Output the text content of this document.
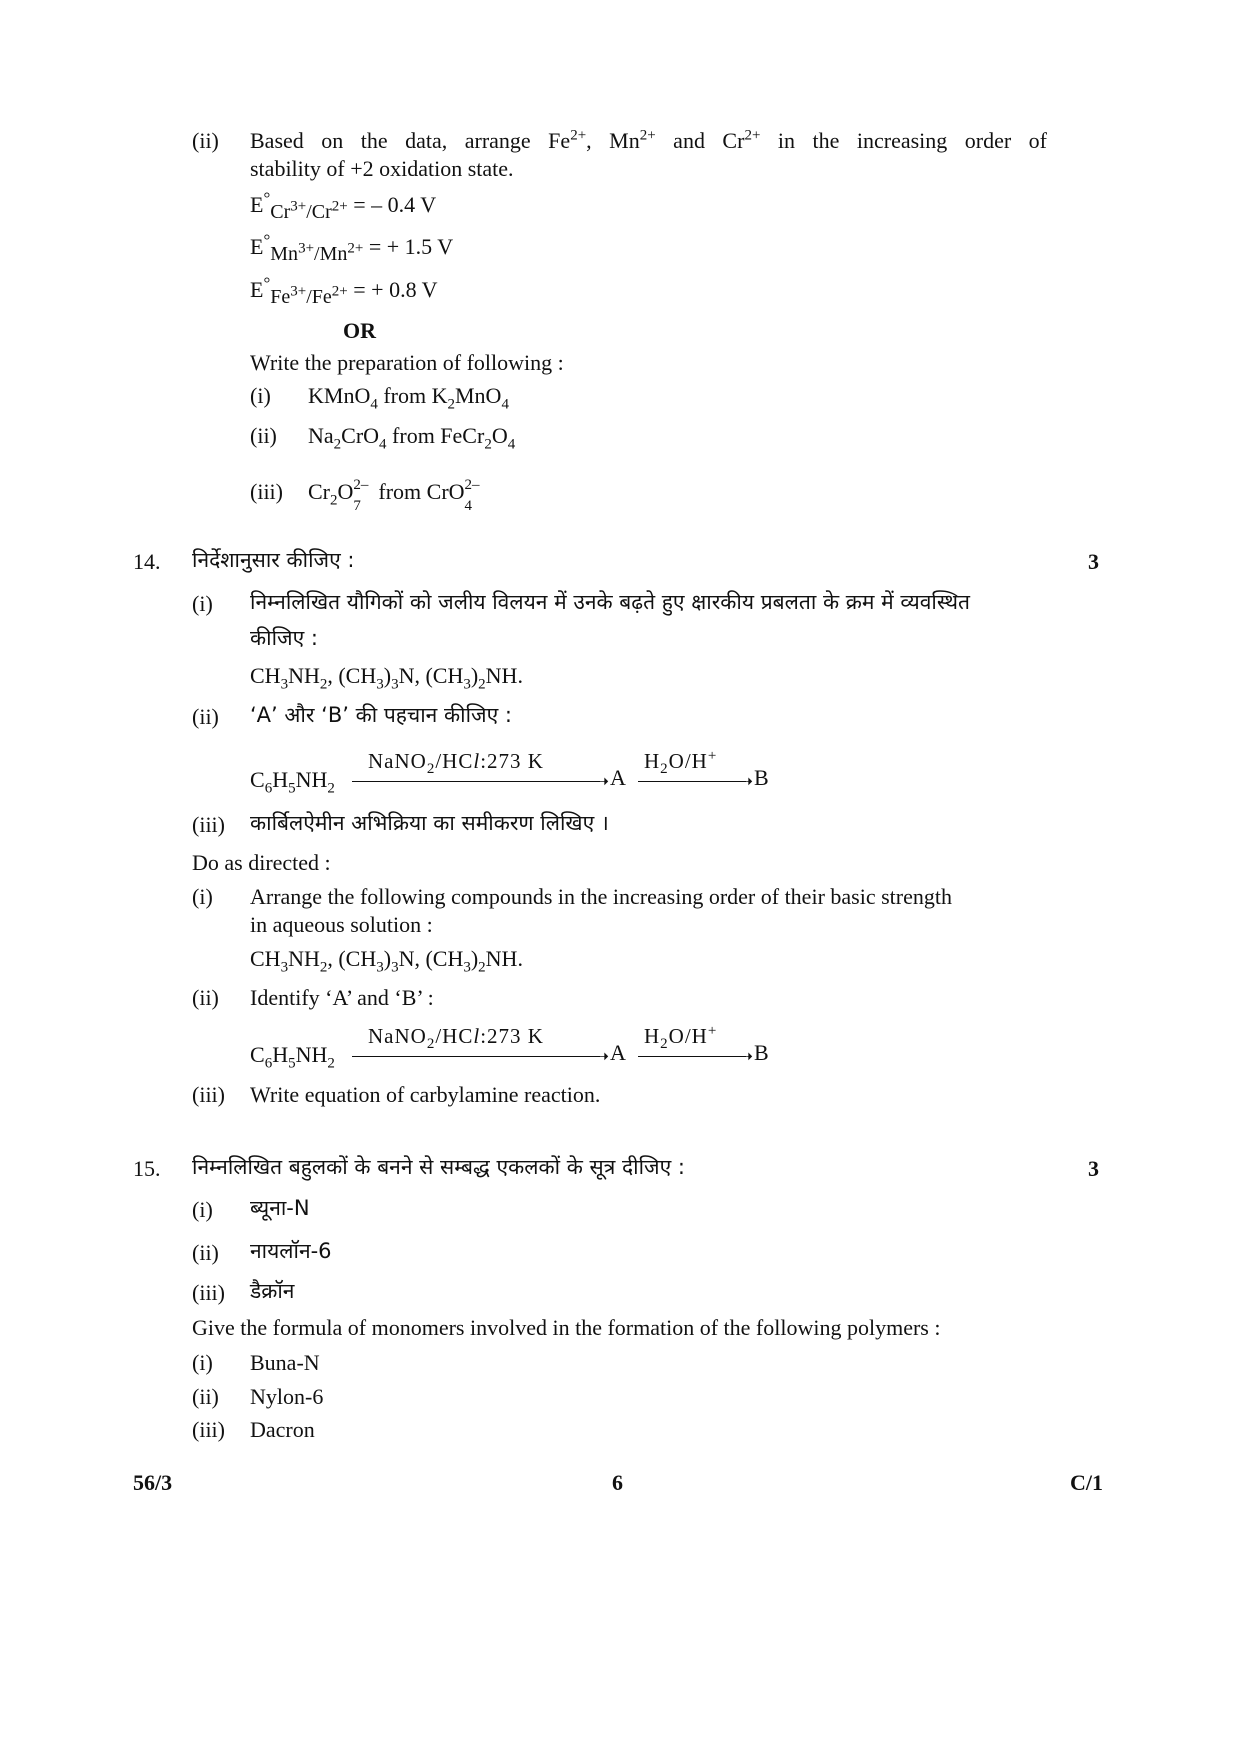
(ii) Based on the data, arrange $Fe^{2+}$, $Mn^{2+}$ and $Cr^{2+}$ in the increasing order of
stability of +2 oxidation state.
$E^\circ_{Cr^{3+}/Cr^{2+}}$ = – 0.4 V
$E^\circ_{Mn^{3+}/Mn^{2+}}$ = + 1.5 V
$E^\circ_{Fe^{3+}/Fe^{2+}}$ = + 0.8 V
OR
Write the preparation of following :
(i) KMnO$_4$ from $K_2MnO_4$
(ii) $Na_2CrO_4$ from $FeCr_2O_4$
(iii) $Cr_2O$ 2–
7
from CrO 2–
4
14. निर्देशानुसार कीजिए :	3
(i) निम्नलिखित यौगिकों को जलीय विलयन में उनके बढ़ते हुए क्षारकीय प्रबलता के क्रम में व्यवस्थित
कीजिए :
$CH_3NH_2$, $(CH_3)_3N$, $(CH_3)_2NH$.
(ii) ‘A’ और ‘B’ की पहचान कीजिए :
$C_6H_5NH_2$
NaNO$_2$/HCl:273 K
➝ A
$H_2O/H^+$
➝ B
(iii) कार्बिलऐमीन अभिक्रिया का समीकरण लिखिए ।
Do as directed :
(i) Arrange the following compounds in the increasing order of their basic strength
in aqueous solution :
$CH_3NH_2$, $(CH_3)_3N$, $(CH_3)_2NH$.
(ii) Identify ‘A’ and ‘B’ :
$C_6H_5NH_2$
NaNO$_2$/HCl:273 K
➝ A
$H_2O/H^+$
➝ B
(iii) Write equation of carbylamine reaction.
15. निम्नलिखित बहुलकों के बनने से सम्बद्ध एकलकों के सूत्र दीजिए :	3
(i) ब्यूना-N
(ii) नायलॉन-6
(iii) डैक्रॉन
Give the formula of monomers involved in the formation of the following polymers :
(i) Buna-N
(ii) Nylon-6
(iii) Dacron
56/3	6	C/1
